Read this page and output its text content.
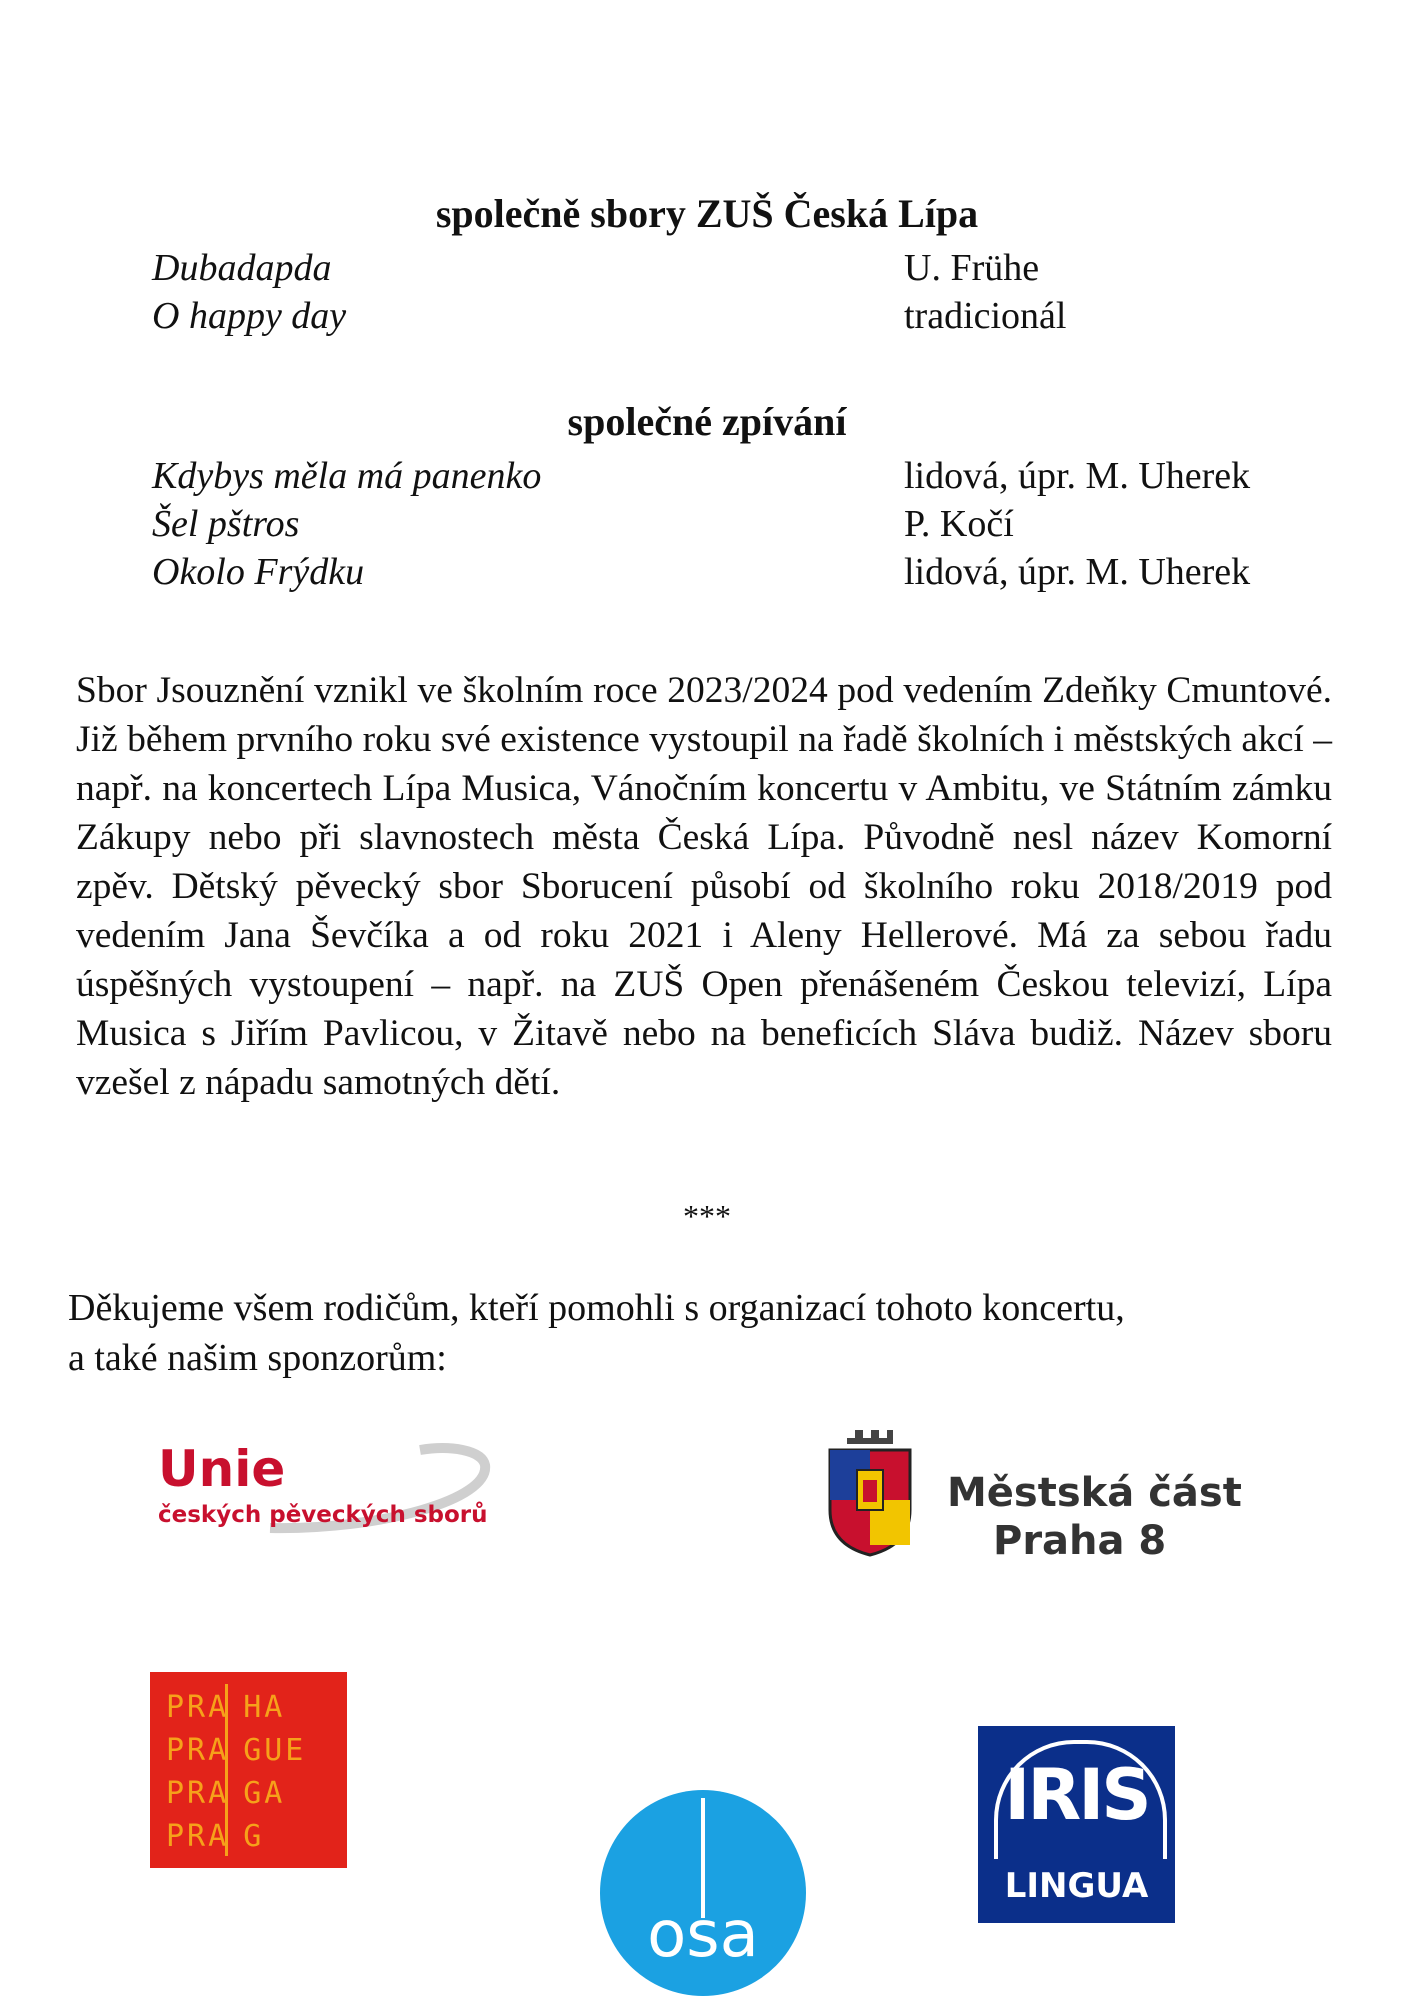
společně sbory ZUŠ Česká Lípa
Dubadapda	U. Frühe
O happy day	tradicionál
společné zpívání
Kdybys měla má panenko	lidová, úpr. M. Uherek
Šel pštros	P. Kočí
Okolo Frýdku	lidová, úpr. M. Uherek
Sbor Jsouznění vznikl ve školním roce 2023/2024 pod vedením Zdeňky Cmuntové. Již během prvního roku své existence vystoupil na řadě školních i městských akcí – např. na koncertech Lípa Musica, Vánočním koncertu v Ambitu, ve Státním zámku Zákupy nebo při slavnostech města Česká Lípa. Původně nesl název Komorní zpěv. Dětský pěvecký sbor Sborucení působí od školního roku 2018/2019 pod vedením Jana Ševčíka a od roku 2021 i Aleny Hellerové. Má za sebou řadu úspěšných vystoupení – např. na ZUŠ Open přenášeném Českou televizí, Lípa Musica s Jiřím Pavlicou, v Žitavě nebo na beneficích Sláva budiž. Název sboru vzešel z nápadu samotných dětí.
***
Děkujeme všem rodičům, kteří pomohli s organizací tohoto koncertu,
a také našim sponzorům:
Unie
českých pěveckých sborů	Městská část
Praha 8
PRA HA
PRA GUE
PRA GA
PRA G
osa
IRIS
LINGUA
